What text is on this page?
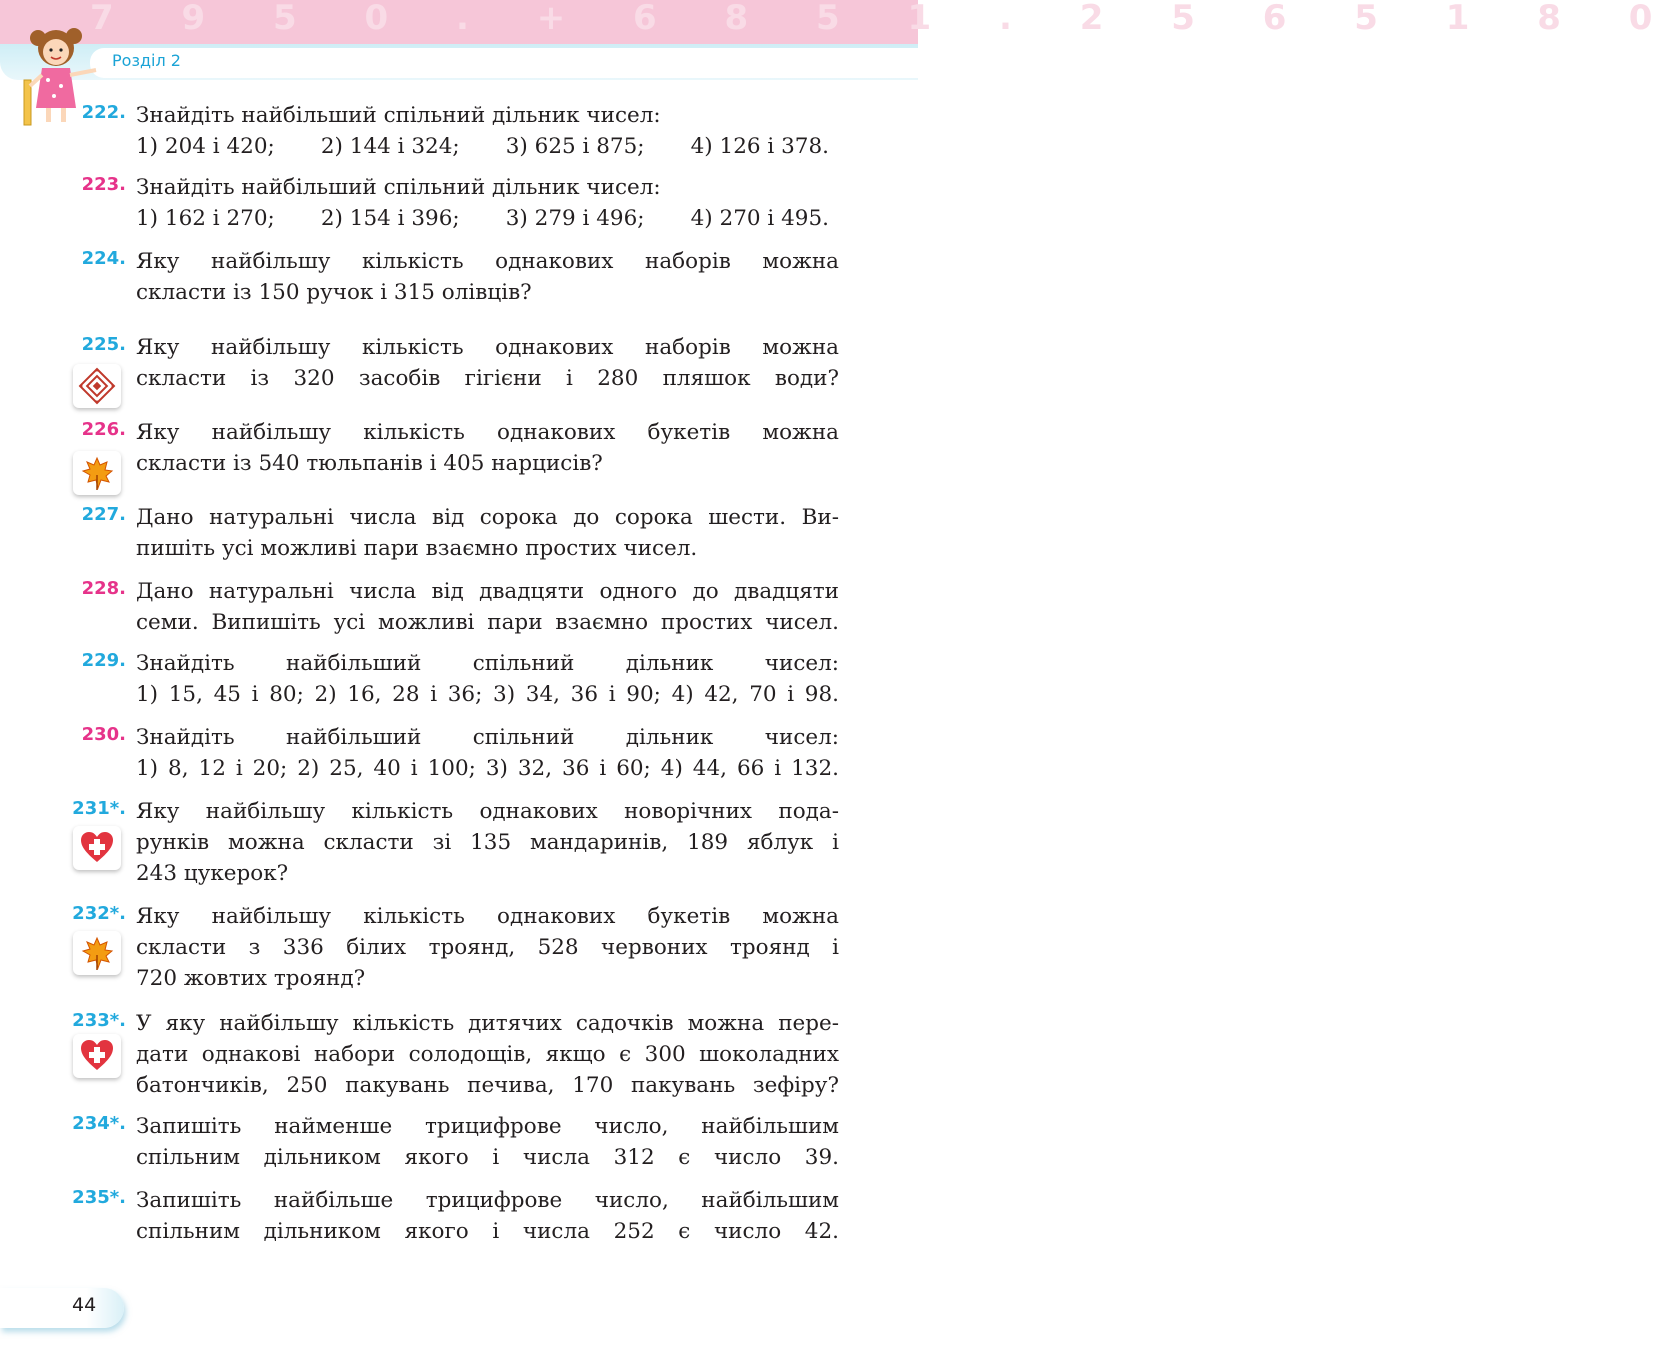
7 9 5 0 . + 6 8 5 1 . 2 5 6 5 1 8 0
Розділ 2
222. Знайдіть найбільший спільний дільник чисел:
1) 204 і 420; 2) 144 і 324; 3) 625 і 875; 4) 126 і 378.
223. Знайдіть найбільший спільний дільник чисел:
1) 162 і 270; 2) 154 і 396; 3) 279 і 496; 4) 270 і 495.
224. Яку найбільшу кількість однакових наборів можна
скласти із 150 ручок і 315 олівців?
225. Яку найбільшу кількість однакових наборів можна
скласти із 320 засобів гігієни і 280 пляшок води?
226. Яку найбільшу кількість однакових букетів можна
скласти із 540 тюльпанів і 405 нарцисів?
227. Дано натуральні числа від сорока до сорока шести. Ви-
пишіть усі можливі пари взаємно простих чисел.
228. Дано натуральні числа від двадцяти одного до двадцяти
семи. Випишіть усі можливі пари взаємно простих чисел.
229. Знайдіть найбільший спільний дільник чисел:
1) 15, 45 і 80; 2) 16, 28 і 36; 3) 34, 36 і 90; 4) 42, 70 і 98.
230. Знайдіть найбільший спільний дільник чисел:
1) 8, 12 і 20; 2) 25, 40 і 100; 3) 32, 36 і 60; 4) 44, 66 і 132.
231*. Яку найбільшу кількість однакових новорічних пода-
рунків можна скласти зі 135 мандаринів, 189 яблук і
243 цукерок?
232*. Яку найбільшу кількість однакових букетів можна
скласти з 336 білих троянд, 528 червоних троянд і
720 жовтих троянд?
233*. У яку найбільшу кількість дитячих садочків можна пере-
дати однакові набори солодощів, якщо є 300 шоколадних
батончиків, 250 пакувань печива, 170 пакувань зефіру?
234*. Запишіть найменше трицифрове число, найбільшим
спільним дільником якого і числа 312 є число 39.
235*. Запишіть найбільше трицифрове число, найбільшим
спільним дільником якого і числа 252 є число 42.
44
